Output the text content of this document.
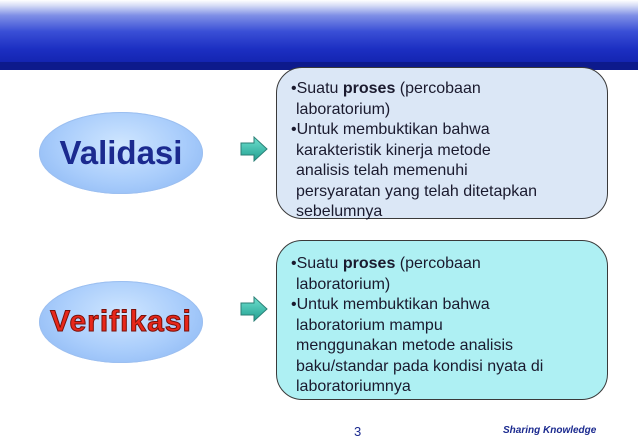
Validasi
•Suatu proses (percobaan
laboratorium)
•Untuk membuktikan bahwa
karakteristik kinerja metode
analisis telah memenuhi
persyaratan yang telah ditetapkan
sebelumnya
Verifikasi
•Suatu proses (percobaan
laboratorium)
•Untuk membuktikan bahwa
laboratorium mampu
menggunakan metode analisis
baku/standar pada kondisi nyata di
laboratoriumnya
3	Sharing Knowledge
